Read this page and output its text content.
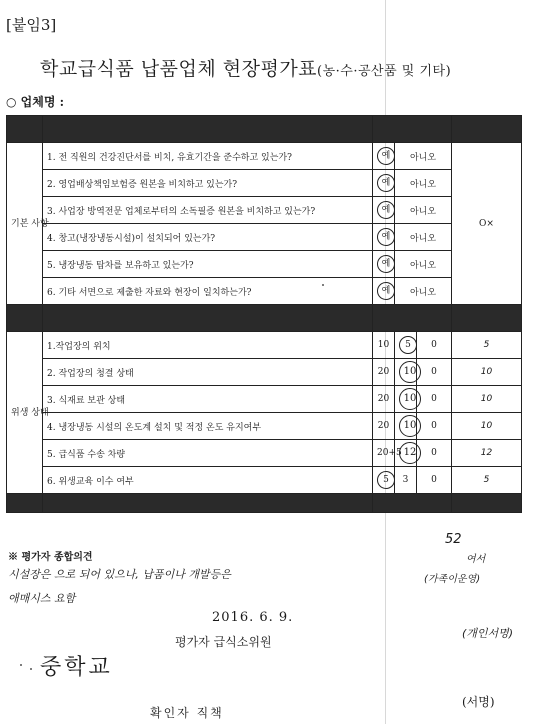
[붙임3]
학교급식품 납품업체 현장평가표(농·수·공산품 및 기타)
○ 업체명 :

기본 사항	1. 전 직원의 건강진단서를 비치, 유효기간을 준수하고 있는가?	예	아니오		O×
	2. 영업배상책임보험증 원본을 비치하고 있는가?	예	아니오		
	3. 사업장 방역전문 업체로부터의 소독필증 원본을 비치하고 있는가?	예	아니오		
	4. 창고(냉장냉동시설)이 설치되어 있는가?	예	아니오		
	5. 냉장냉동 탑차를 보유하고 있는가?	예	아니오		
	6. 기타 서면으로 제출한 자료와 현장이 일치하는가?	예	아니오		

위생 상태	1.작업장의 위치	10	5	0	5
	2. 작업장의 청결 상태	20	10	0	10
	3. 식재료 보관 상태	20	10	0	10
	4. 냉장냉동 시설의 온도계 설치 및 적정 온도 유지여부	20	10	0	10
	5. 급식품 수송 차량	20+5	12	0	12
	6. 위생교육 이수 여부	5	3	0	5

52
여서
(가족이운영)
※ 평가자 종합의견
시설장은 으로 되어 있으나, 납품이나 개발등은
애매시스 요함
2016. 6. 9.
평가자 급식소위원
중학교
(개인서명)
확인자 직책
(서명)
